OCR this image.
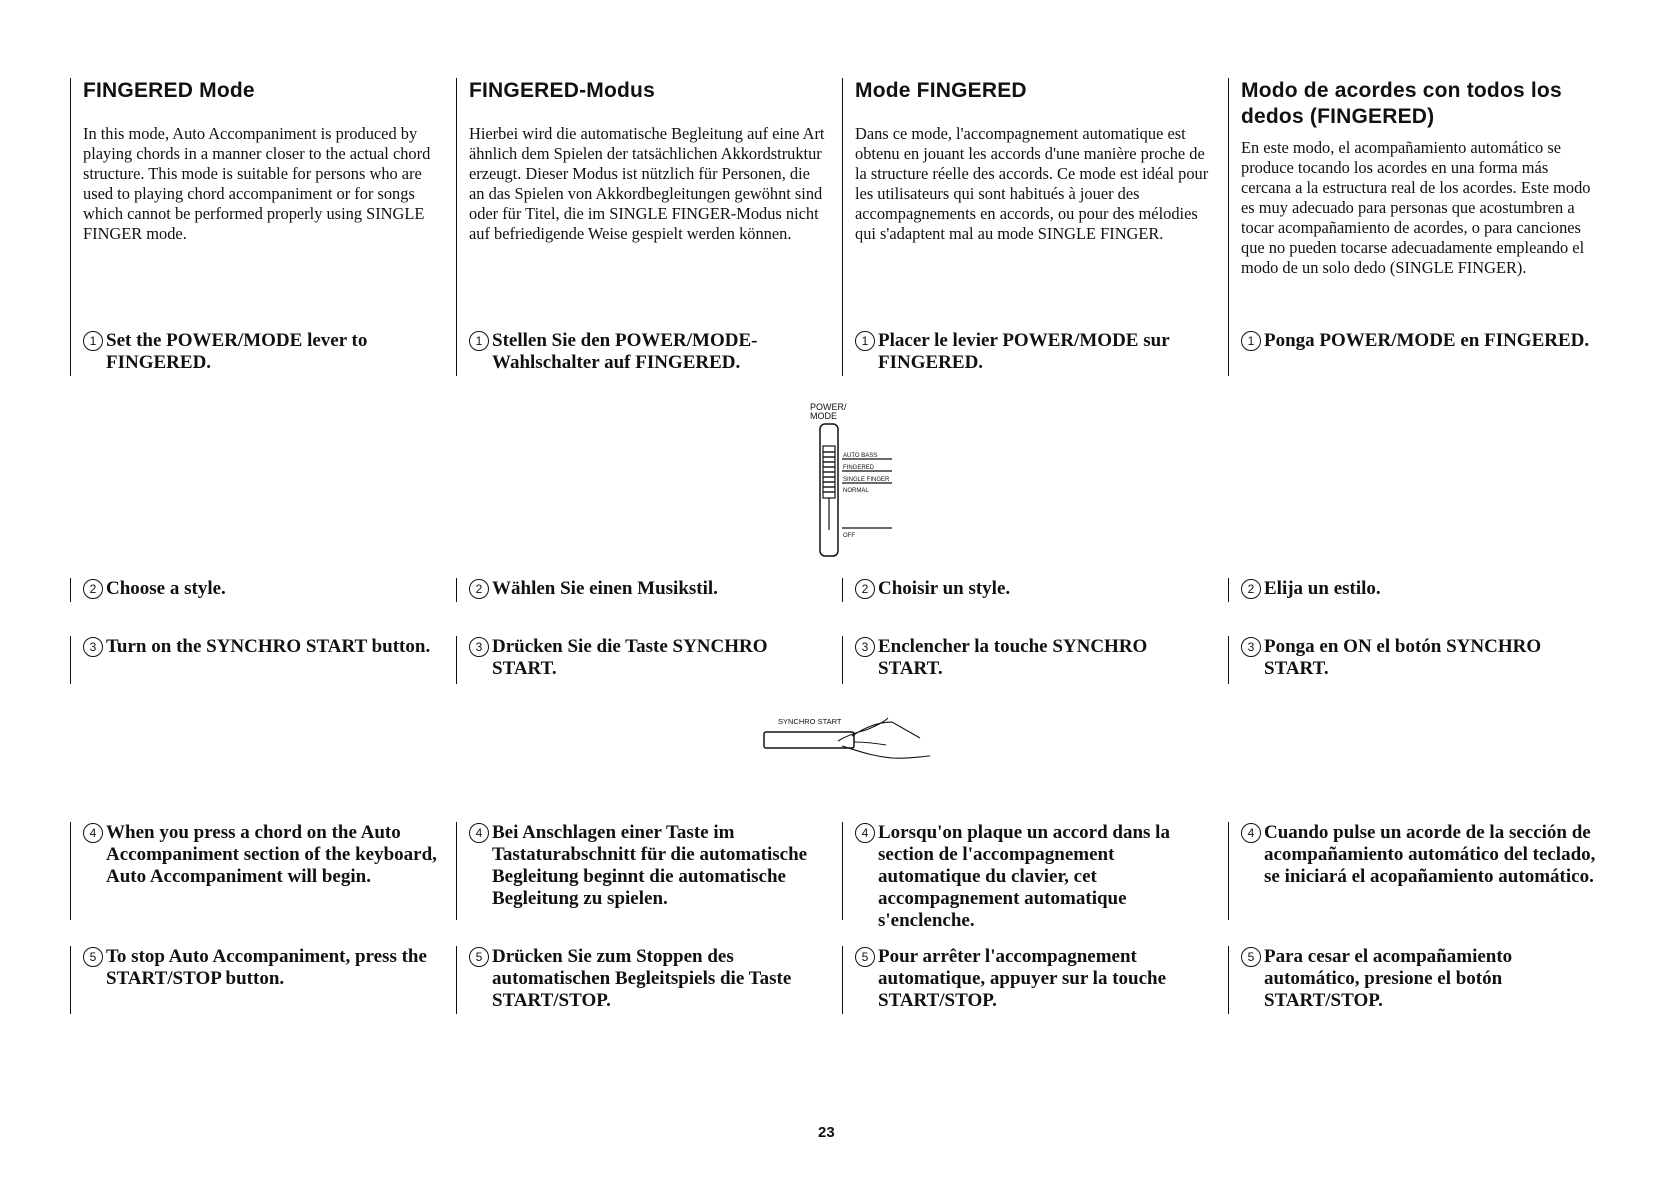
FINGERED Mode

In this mode, Auto Accompaniment is produced by playing chords in a manner closer to the actual chord structure. This mode is suitable for persons who are used to playing chord accompaniment or for songs which cannot be performed properly using SINGLE FINGER mode.

1 Set the POWER/MODE lever to FINGERED.

2 Choose a style.

3 Turn on the SYNCHRO START button.

4 When you press a chord on the Auto Accompaniment section of the keyboard, Auto Accompaniment will begin.

5 To stop Auto Accompaniment, press the START/STOP button.

FINGERED-Modus

Hierbei wird die automatische Begleitung auf eine Art ähnlich dem Spielen der tatsächlichen Akkordstruktur erzeugt. Dieser Modus ist nützlich für Personen, die an das Spielen von Akkordbegleitungen gewöhnt sind oder für Titel, die im SINGLE FINGER-Modus nicht auf befriedigende Weise gespielt werden können.

1 Stellen Sie den POWER/MODE-Wahlschalter auf FINGERED.

2 Wählen Sie einen Musikstil.

3 Drücken Sie die Taste SYNCHRO START.

4 Bei Anschlagen einer Taste im Tastaturabschnitt für die automatische Begleitung beginnt die automatische Begleitung zu spielen.

5 Drücken Sie zum Stoppen des automatischen Begleitspiels die Taste START/STOP.

Mode FINGERED

Dans ce mode, l'accompagnement automatique est obtenu en jouant les accords d'une manière proche de la structure réelle des accords. Ce mode est idéal pour les utilisateurs qui sont habitués à jouer des accompagnements en accords, ou pour des mélodies qui s'adaptent mal au mode SINGLE FINGER.

1 Placer le levier POWER/MODE sur FINGERED.

2 Choisir un style.

3 Enclencher la touche SYNCHRO START.

4 Lorsqu'on plaque un accord dans la section de l'accompagnement automatique du clavier, cet accompagnement automatique s'enclenche.

5 Pour arrêter l'accompagnement automatique, appuyer sur la touche START/STOP.

Modo de acordes con todos los dedos (FINGERED)

En este modo, el acompañamiento automático se produce tocando los acordes en una forma más cercana a la estructura real de los acordes. Este modo es muy adecuado para personas que acostumbren a tocar acompañamiento de acordes, o para canciones que no pueden tocarse adecuadamente empleando el modo de un solo dedo (SINGLE FINGER).

1 Ponga POWER/MODE en FINGERED.

2 Elija un estilo.

3 Ponga en ON el botón SYNCHRO START.

4 Cuando pulse un acorde de la sección de acompañamiento automático del teclado, se iniciará el acopañamiento automático.

5 Para cesar el acompañamiento automático, presione el botón START/STOP.

POWER/
MODE
AUTO BASS
FINGERED
SINGLE FINGER
NORMAL
OFF
SYNCHRO START
23
